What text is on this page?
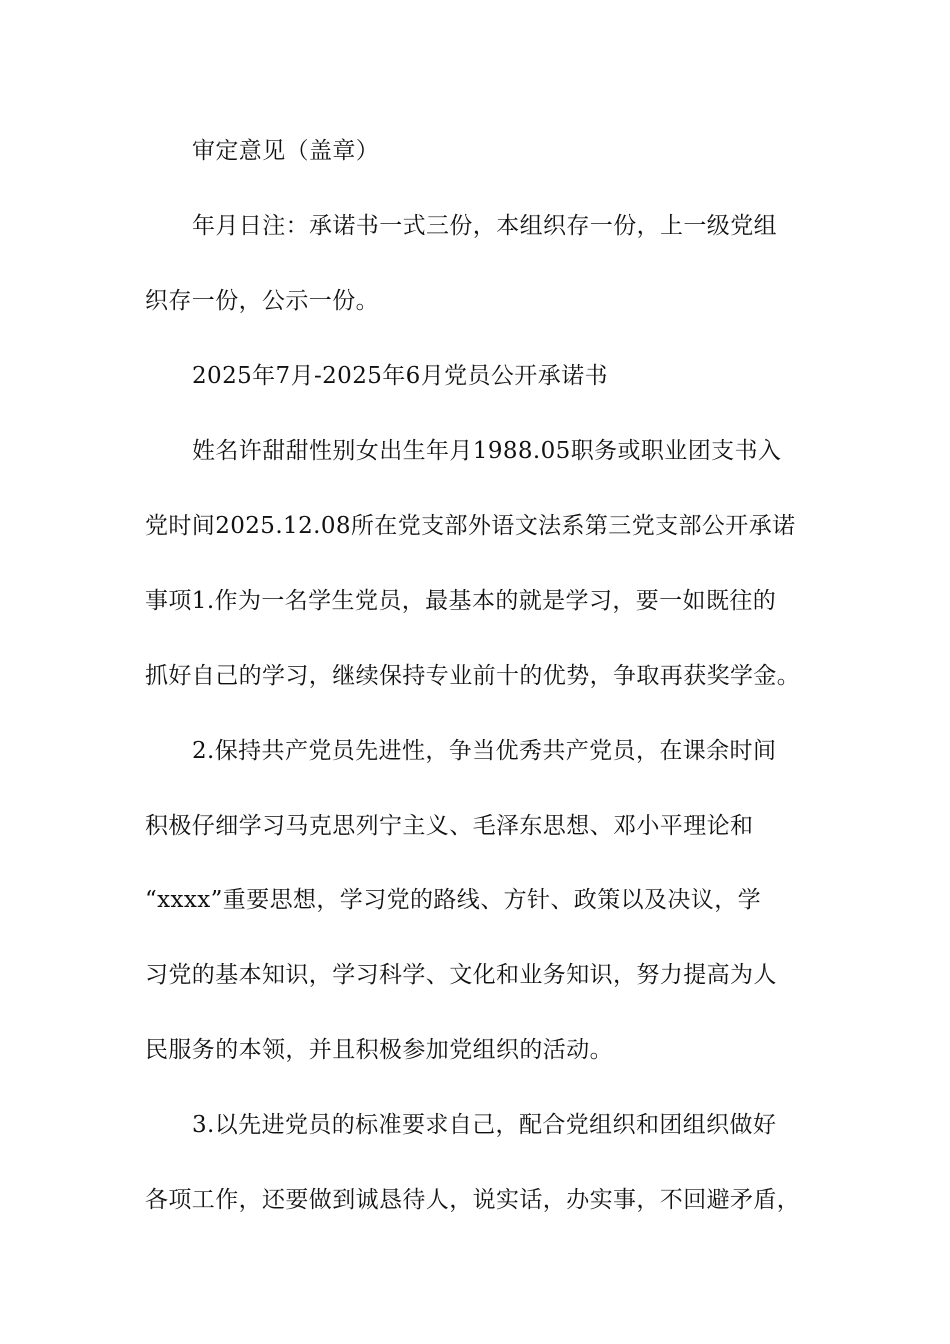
审定意见（盖章）
年月日注：承诺书一式三份，本组织存一份，上一级党组
织存一份，公示一份。
2025年7月-2025年6月党员公开承诺书
姓名许甜甜性别女出生年月1988.05职务或职业团支书入
党时间2025.12.08所在党支部外语文法系第三党支部公开承诺
事项1.作为一名学生党员，最基本的就是学习，要一如既往的
抓好自己的学习，继续保持专业前十的优势，争取再获奖学金。
2.保持共产党员先进性，争当优秀共产党员，在课余时间
积极仔细学习马克思列宁主义、毛泽东思想、邓小平理论和
“xxxx”重要思想，学习党的路线、方针、政策以及决议，学
习党的基本知识，学习科学、文化和业务知识，努力提高为人
民服务的本领，并且积极参加党组织的活动。
3.以先进党员的标准要求自己，配合党组织和团组织做好
各项工作，还要做到诚恳待人，说实话，办实事，不回避矛盾，
